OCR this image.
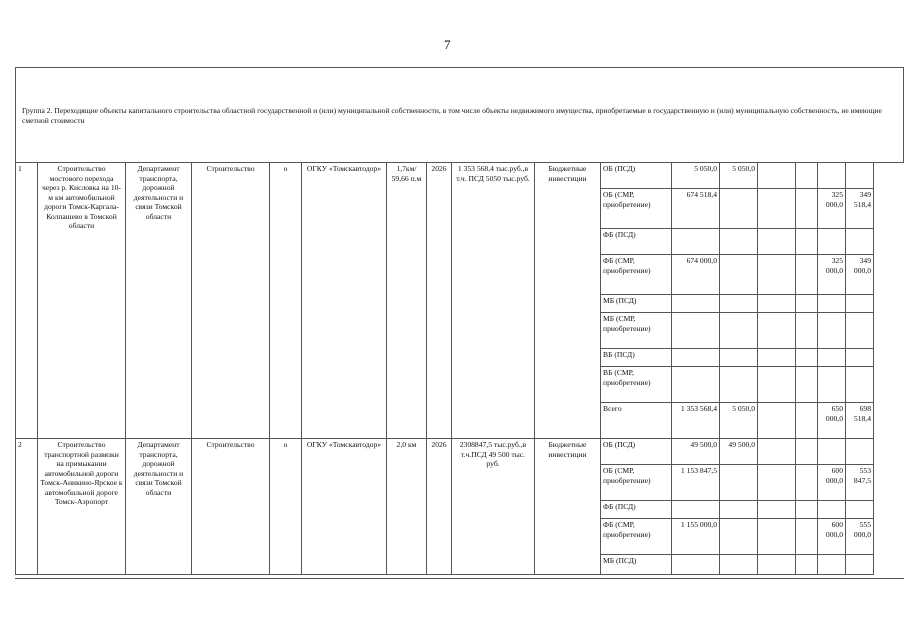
7
Группа 2. Переходящие объекты капитального строительства областной государственной и (или) муниципальной собственности, в том числе объекты недвижимого имущества, приобретаемые в государственную и (или) муниципальную собственность, не имеющие сметной стоимости
1	Строительство мостового перехода через р. Кисловка на 10-м км автомобильной дороги Томск-Каргала-Колпашево в Томской области	Департамент транспорта, дорожной деятельности и связи Томской области	Строительство	о	ОГКУ «Томскавтодор»	1,7км/ 59,66 п.м	2026	1 353 568,4 тыс.руб.,в т.ч. ПСД 5050 тыс.руб.	Бюджетные инвестиции	ОБ (ПСД)	5 050,0	5 050,0				
										ОБ (СМР, приобретение)	674 518,4				325 000,0	349 518,4
										ФБ (ПСД)						
										ФБ (СМР, приобретение)	674 000,0				325 000,0	349 000,0
										МБ (ПСД)						
										МБ (СМР, приобретение)						
										ВБ (ПСД)						
										ВБ (СМР, приобретение)						
										Всего	1 353 568,4	5 050,0			650 000,0	698 518,4
2	Строительство транспортной развязки на примыкании автомобильной дороги Томск-Аникино-Ярское к автомобильной дороге Томск-Аэропорт	Департамент транспорта, дорожной деятельности и связи Томской области	Строительство	о	ОГКУ «Томскавтодор»	2,0 км	2026	2308847,5 тыс.руб.,в т.ч.ПСД 49 500 тыс. руб.	Бюджетные инвестиции	ОБ (ПСД)	49 500,0	49 500,0				
										ОБ (СМР, приобретение)	1 153 847,5				600 000,0	553 847,5
										ФБ (ПСД)						
										ФБ (СМР, приобретение)	1 155 000,0				600 000,0	555 000,0
										МБ (ПСД)						
